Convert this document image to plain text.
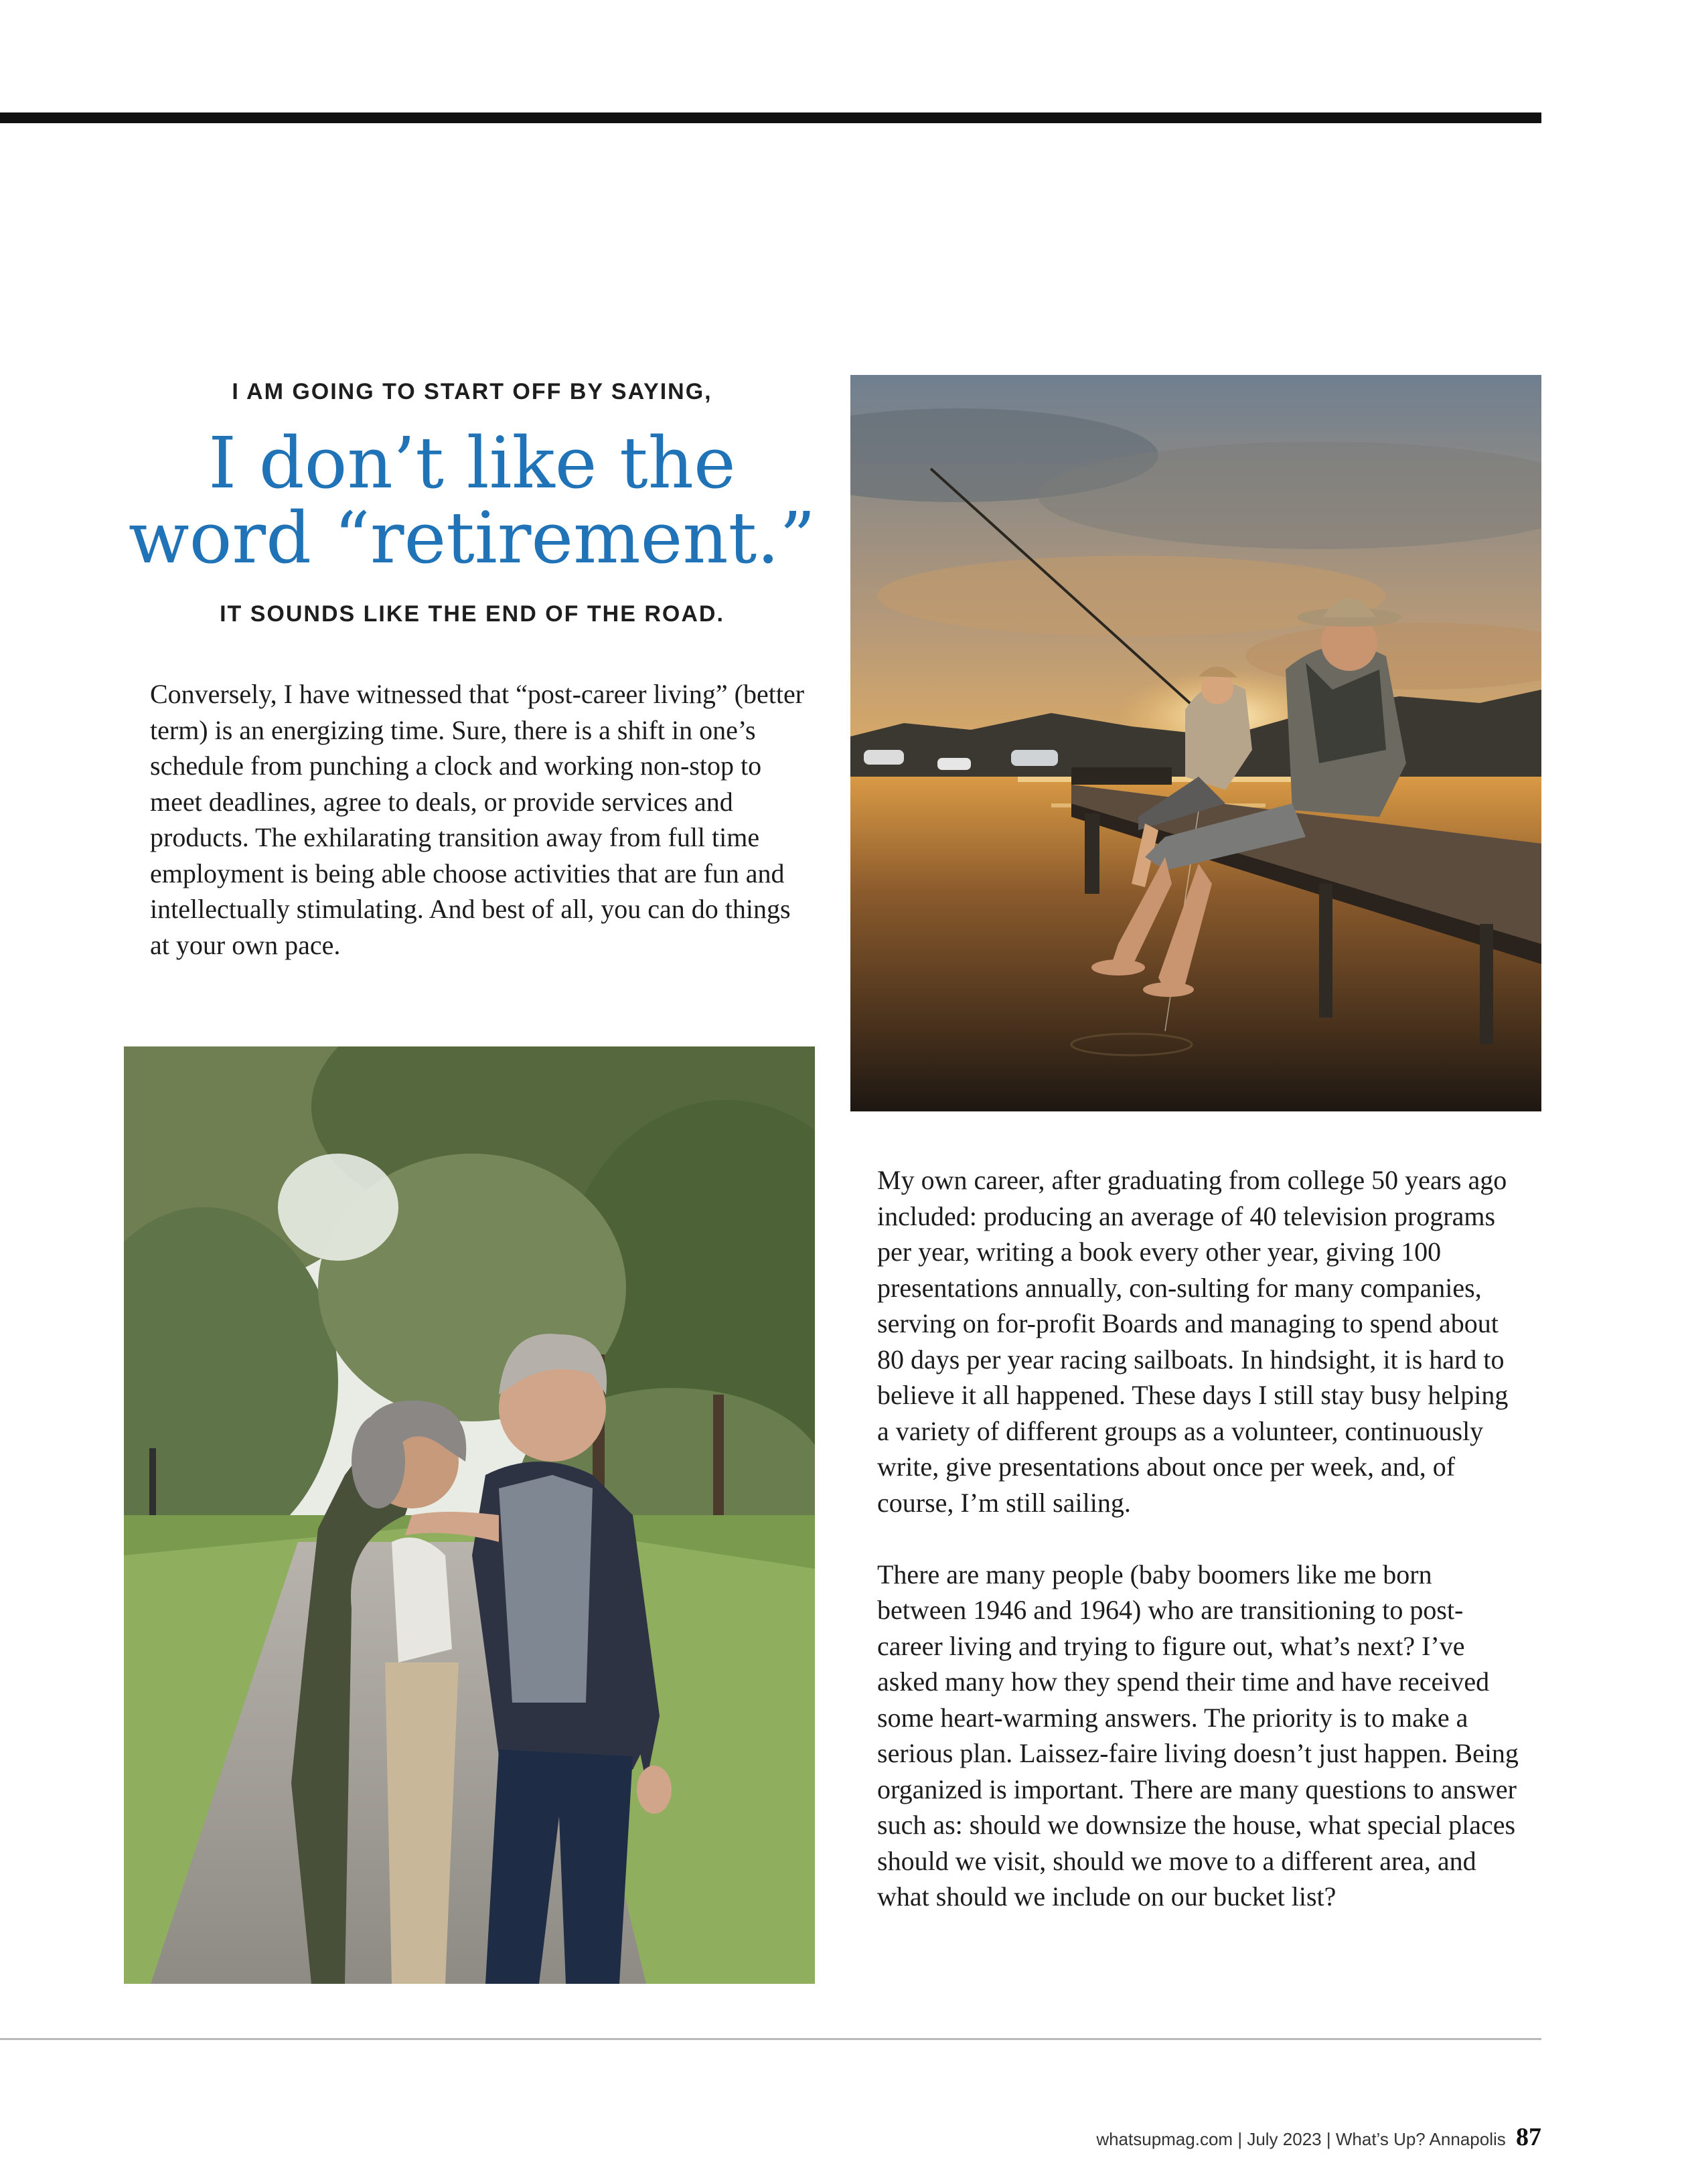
I AM GOING TO START OFF BY SAYING,
I don’t like the
word “retirement.”
IT SOUNDS LIKE THE END OF THE ROAD.

Conversely, I have witnessed that “post-career living” (better term) is an energizing time. Sure, there is a shift in one’s schedule from punching a clock and working non-stop to meet deadlines, agree to deals, or provide services and products. The exhilarating transition away from full time employment is being able choose activities that are fun and intellectually stimulating. And best of all, you can do things at your own pace.

My own career, after graduating from college 50 years ago included: producing an average of 40 television programs per year, writing a book every other year, giving 100 presentations annually, con-sulting for many companies, serving on for-profit Boards and managing to spend about 80 days per year racing sailboats. In hindsight, it is hard to believe it all happened. These days I still stay busy helping a variety of different groups as a volunteer, continuously write, give presentations about once per week, and, of course, I’m still sailing.

There are many people (baby boomers like me born between 1946 and 1964) who are transitioning to post-career living and trying to figure out, what’s next? I’ve asked many how they spend their time and have received some heart-warming answers. The priority is to make a serious plan. Laissez-faire living doesn’t just happen. Being organized is important. There are many questions to answer such as: should we downsize the house, what special places should we visit, should we move to a different area, and what should we include on our bucket list?

whatsupmag.com | July 2023 | What’s Up? Annapolis 87
